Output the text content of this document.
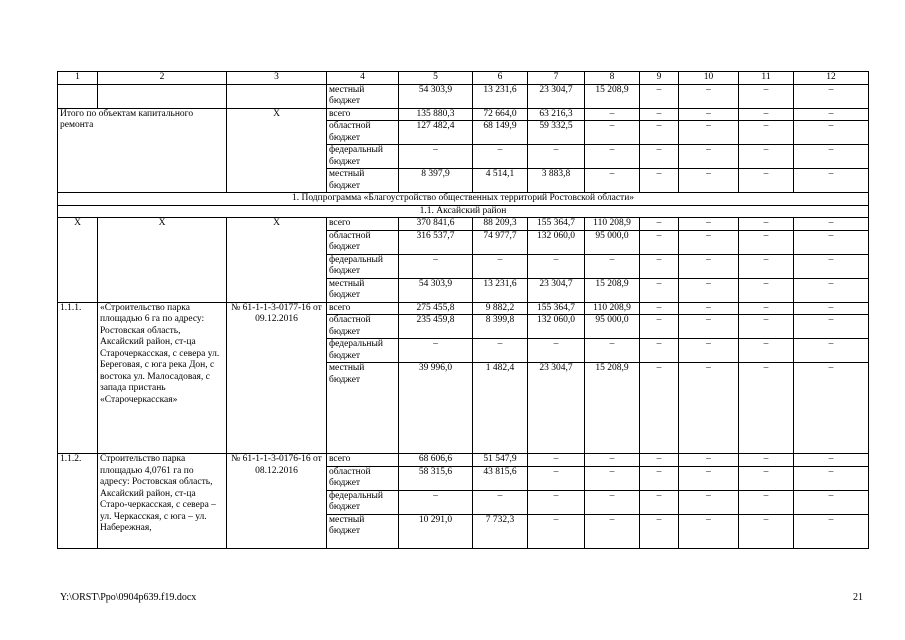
1	2	3	4	5	6	7	8	9	10	11	12
			местный бюджет	54 303,9	13 231,6	23 304,7	15 208,9	–	–	–	–
Итого по объектам капитального ремонта		Х	всего	135 880,3	72 664,0	63 216,3	–	–	–	–	–
			областной бюджет	127 482,4	68 149,9	59 332,5	–	–	–	–	–
			федеральный бюджет	–	–	–	–	–	–	–	–
			местный бюджет	8 397,9	4 514,1	3 883,8	–	–	–	–	–
1. Подпрограмма «Благоустройство общественных территорий Ростовской области»											
1.1. Аксайский район											
Х	Х	Х	всего	370 841,6	88 209,3	155 364,7	110 208,9	–	–	–	–
			областной бюджет	316 537,7	74 977,7	132 060,0	95 000,0	–	–	–	–
			федеральный бюджет	–	–	–	–	–	–	–	–
			местный бюджет	54 303,9	13 231,6	23 304,7	15 208,9	–	–	–	–
1.1.1.	«Строительство парка площадью 6 га по адресу: Ростовская область, Аксайский район, ст-ца Старочеркасская, с севера ул. Береговая, с юга река Дон, с востока ул. Малосадовая, с запада пристань «Старочеркасская»	№ 61-1-1-3-0177-16 от 09.12.2016	всего	275 455,8	9 882,2	155 364,7	110 208,9	–	–	–	–
			областной бюджет	235 459,8	8 399,8	132 060,0	95 000,0	–	–	–	–
			федеральный бюджет	–	–	–	–	–	–	–	–
			местный бюджет	39 996,0	1 482,4	23 304,7	15 208,9	–	–	–	–
1.1.2.	Строительство парка площадью 4,0761 га по адресу: Ростовская область, Аксайский район, ст-ца Старо-черкасская, с севера – ул. Черкасская, с юга – ул. Набережная,	№ 61-1-1-3-0176-16 от 08.12.2016	всего	68 606,6	51 547,9	–	–	–	–	–	–
			областной бюджет	58 315,6	43 815,6	–	–	–	–	–	–
			федеральный бюджет	–	–	–	–	–	–	–	–
			местный бюджет	10 291,0	7 732,3	–	–	–	–	–	–
Y:\ORST\Ppo\0904p639.f19.docx	21
